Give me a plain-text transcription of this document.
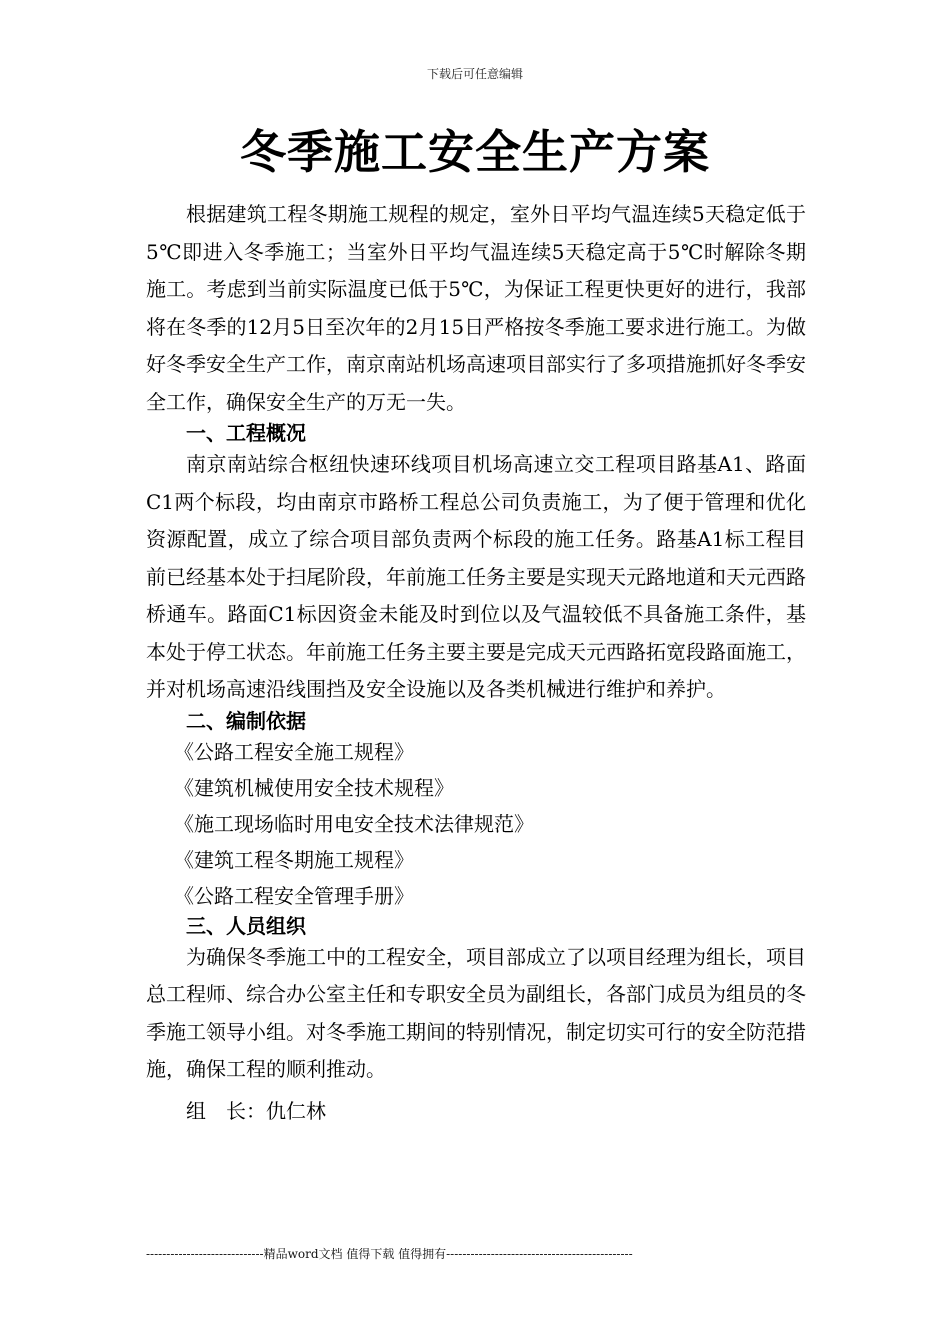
下载后可任意编辑
冬季施工安全生产方案

根据建筑工程冬期施工规程的规定，室外日平均气温连续5天稳定低于5℃即进入冬季施工；当室外日平均气温连续5天稳定高于5℃时解除冬期施工。考虑到当前实际温度已低于5℃，为保证工程更快更好的进行，我部将在冬季的12月5日至次年的2月15日严格按冬季施工要求进行施工。为做好冬季安全生产工作，南京南站机场高速项目部实行了多项措施抓好冬季安全工作，确保安全生产的万无一失。

一、工程概况

南京南站综合枢纽快速环线项目机场高速立交工程项目路基A1、路面C1两个标段，均由南京市路桥工程总公司负责施工，为了便于管理和优化资源配置，成立了综合项目部负责两个标段的施工任务。路基A1标工程目前已经基本处于扫尾阶段，年前施工任务主要是实现天元路地道和天元西路桥通车。路面C1标因资金未能及时到位以及气温较低不具备施工条件，基本处于停工状态。年前施工任务主要主要是完成天元西路拓宽段路面施工，并对机场高速沿线围挡及安全设施以及各类机械进行维护和养护。

二、编制依据
《公路工程安全施工规程》
《建筑机械使用安全技术规程》
《施工现场临时用电安全技术法律规范》
《建筑工程冬期施工规程》
《公路工程安全管理手册》
三、人员组织

为确保冬季施工中的工程安全，项目部成立了以项目经理为组长，项目总工程师、综合办公室主任和专职安全员为副组长，各部门成员为组员的冬季施工领导小组。对冬季施工期间的特别情况，制定切实可行的安全防范措施，确保工程的顺利推动。

组　长：仇仁林

-----------------------------精品word文档 值得下载 值得拥有----------------------------------------------
